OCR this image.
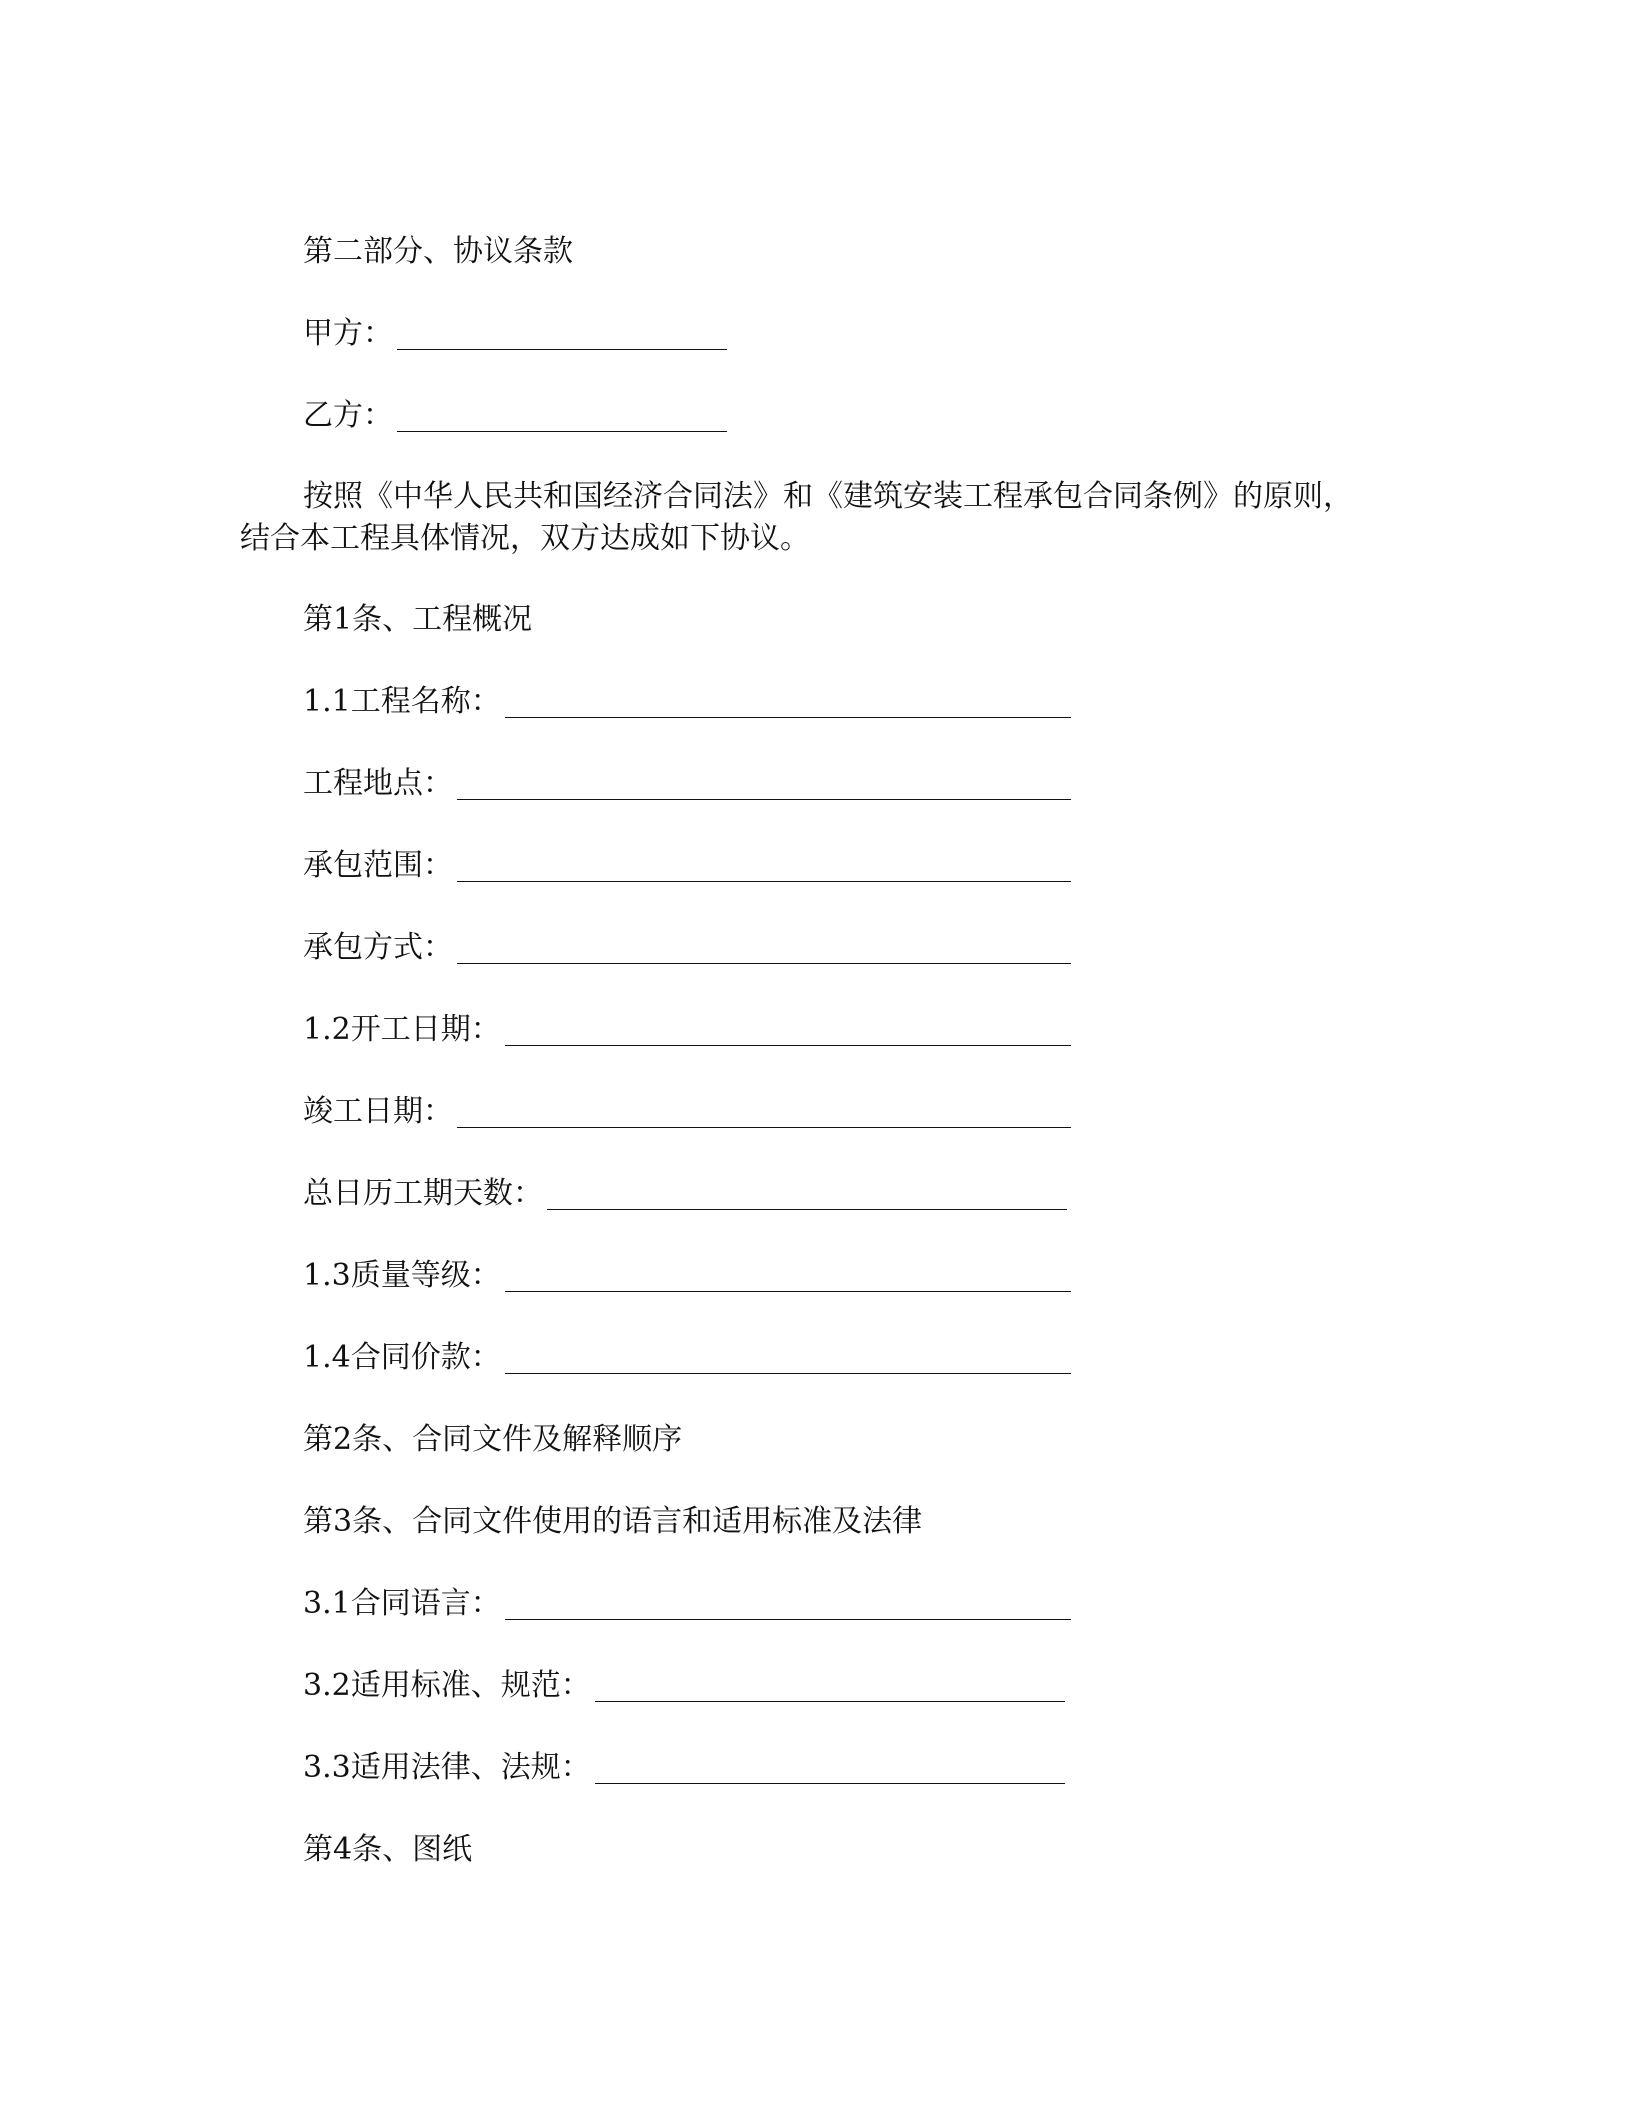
第二部分、协议条款
甲方：
乙方：
按照《中华人民共和国经济合同法》和《建筑安装工程承包合同条例》的原则，
结合本工程具体情况，双方达成如下协议。
第1条、工程概况
1.1工程名称：
工程地点：
承包范围：
承包方式：
1.2开工日期：
竣工日期：
总日历工期天数：
1.3质量等级：
1.4合同价款：
第2条、合同文件及解释顺序
第3条、合同文件使用的语言和适用标准及法律
3.1合同语言：
3.2适用标准、规范：
3.3适用法律、法规：
第4条、图纸
